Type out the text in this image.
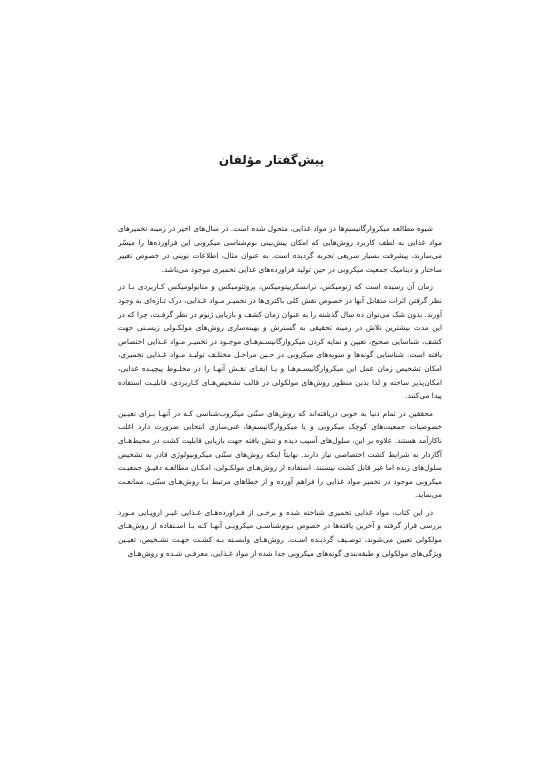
پیش‌گفتار مؤلفان

شیوه مطالعه میکروارگانیسم‌ها در مواد غذایی، متحول شده است. در سال‌های اخیر در زمینه تخمیرهای مواد غذایی به لطف کاربرد روش‌هایی که امکان پیش‌بینی بوم‌شناسی میکروبی این فراورده‌ها را میسّر می‌سازند، پیشرفت بسیار سریعی تجربه گردیده است. به عنوان مثال، اطلاعات نوینی در خصوص تغییر ساختار و دینامیک جمعیت میکروبی در حین تولید فراورده‌های غذایی تخمیری موجود می‌باشد.

زمان آن رسیده است که ژنومیکس، ترانسکریپتومیکس، پروتئومیکس و متابولومیکس کـاربردی بـا در نظر گرفتن اثرات متقابل آنها در خصوص نقش کلی باکتری‌ها در تخمیـر مـواد غـذایی، درک تـازه‌ای به وجود آورند. بدون شک می‌توان ده سال گذشته را به عنوان زمان کشف و بازیابی ژنوم در نظر گرفـت، چرا که در این مدت بیشترین تلاش در زمینه تحقیقی به گسترش و بهینه‌سازی روش‌های مولکـولی زیسـتی جهت کشف، شناسایی صحیح، تعیین و نمایه کردن میکروارگانیسـم‌هـای موجـود در تخمیـر مـواد غـذایی اختصاص یافته است. شناسایی گونه‌ها و سویه‌های میکروبی در حـین مراحـل مختلـف تولیـد مـواد غـذایی تخمیری، امکان تشخیص زمان عمل این میکروارگانیسـم‌هـا و یـا ایفـای نقـش آنهـا را در مخلـوط پیچیـده غذایی، امکان‌پذیر ساخته و لذا بدین منظور روش‌های مولکولی در قالب تشخیص‌هـای کـاربردی، قابلیـت استفاده پیدا می‌کنند.

محققین در تمام دنیا به خوبی دریافته‌اند که روش‌های سنّتی میکروب‌شناسی کـه در آنهـا بـرای تعیـین خصوصیات جمعیت‌های کوچک میکروبی و یا میکروارگانیسم‌ها، غنی‌سازی انتخابی ضرورت دارد اغلب ناکارآمد هستند. علاوه بر این، سلول‌های آسیب دیده و تنش یافته جهت بازیابی قابلیت کشت در محیط‌هـای آگاردار به شرایط کشت اختصاصی نیاز دارند. نهایتاً اینکه روش‌های سنّتی میکروبیولوژی قادر به تشخیص سلول‌های زنده اما غیر قابل کشت نیستند. استفاده از روش‌هـای مولکـولی، امکـان مطالعـه دقیـق جمعیـت میکروبی موجود در تخمیر مواد غذایی را فراهم آورده و از خطاهای مرتبط بـا روش‌هـای سنّتی، ممانعـت می‌نماید.

در این کتاب، مواد غذایی تخمیری شناخته شده و برخـی از فـراورده‌هـای غـذایی غیـر اروپـایی مـورد بررسی قرار گرفته و آخرین یافته‌ها در خصوص بـوم‌شناسـی میکروبـی آنهـا کـه بـا اسـتفاده از روش‌هـای مولکولی تعیین می‌شوند، توصـیف گردیـده اسـت. روش‌هـای وابسـته بـه کشـت جهـت تشـخیص، تعیـین ویژگی‌های مولکولی و طبقه‌بندی گونه‌های میکروبی جدا شده از مواد غـذایی، معرفـی شـده و روش‌هـای
